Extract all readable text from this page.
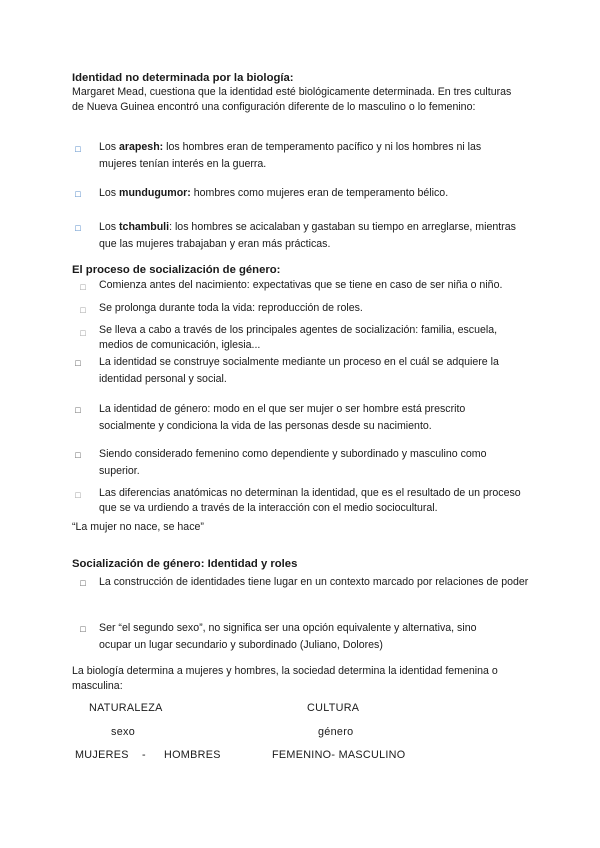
Identidad no determinada por la biología:
Margaret Mead, cuestiona que la identidad esté biológicamente determinada. En tres culturas de Nueva Guinea encontró una configuración diferente de lo masculino o lo femenino:
□ Los arapesh: los hombres eran de temperamento pacífico y ni los hombres ni las mujeres tenían interés en la guerra.
□ Los mundugumor: hombres como mujeres eran de temperamento bélico.
□ Los tchambuli: los hombres se acicalaban y gastaban su tiempo en arreglarse, mientras que las mujeres trabajaban y eran más prácticas.
El proceso de socialización de género:
□ Comienza antes del nacimiento: expectativas que se tiene en caso de ser niña o niño.
□ Se prolonga durante toda la vida: reproducción de roles.
□ Se lleva a cabo a través de los principales agentes de socialización: familia, escuela, medios de comunicación, iglesia...
□ La identidad se construye socialmente mediante un proceso en el cuál se adquiere la identidad personal y social.
□ La identidad de género: modo en el que ser mujer o ser hombre está prescrito socialmente y condiciona la vida de las personas desde su nacimiento.
□ Siendo considerado femenino como dependiente y subordinado y masculino como superior.
□ Las diferencias anatómicas no determinan la identidad, que es el resultado de un proceso que se va urdiendo a través de la interacción con el medio sociocultural.
“La mujer no nace, se hace”
Socialización de género: Identidad y roles
□ La construcción de identidades tiene lugar en un contexto marcado por relaciones de poder
□ Ser “el segundo sexo”, no significa ser una opción equivalente y alternativa, sino ocupar un lugar secundario y subordinado (Juliano, Dolores)
La biología determina a mujeres y hombres, la sociedad determina la identidad femenina o masculina:
NATURALEZA	CULTURA
sexo	género
MUJERES - HOMBRES	FEMENINO- MASCULINO
